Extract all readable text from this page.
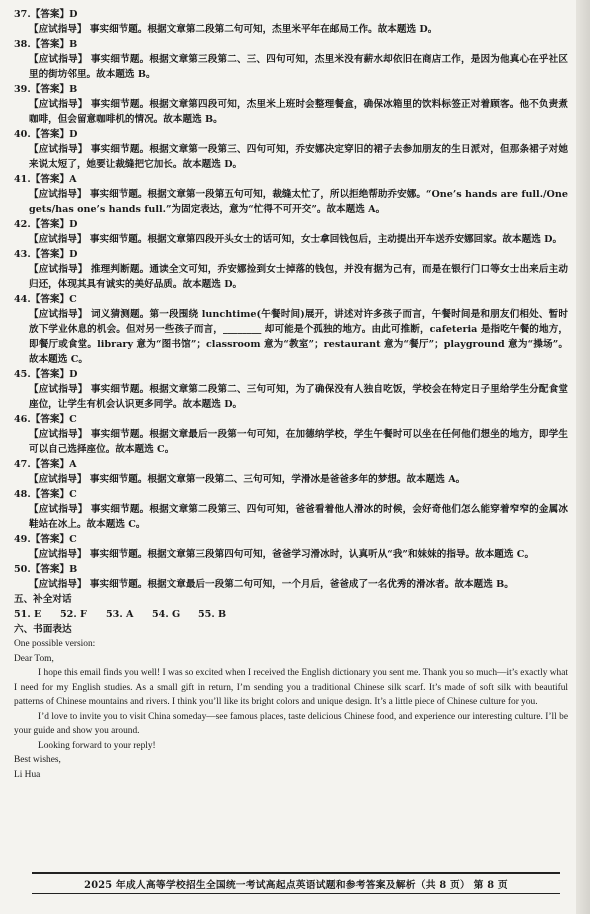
37.【答案】D

【应试指导】 事实细节题。根据文章第二段第二句可知，杰里米平年在邮局工作。故本题选 D。

38.【答案】B

【应试指导】 事实细节题。根据文章第三段第二、三、四句可知，杰里米没有薪水却依旧在商店工作，是因为他真心在乎社区里的街坊邻里。故本题选 B。

39.【答案】B

【应试指导】 事实细节题。根据文章第四段可知，杰里米上班时会整理餐盒，确保冰箱里的饮料标签正对着顾客。他不负责煮咖啡，但会留意咖啡机的情况。故本题选 B。

40.【答案】D

【应试指导】 事实细节题。根据文章第一段第三、四句可知，乔安娜决定穿旧的裙子去参加朋友的生日派对，但那条裙子对她来说太短了，她要让裁缝把它加长。故本题选 D。

41.【答案】A

【应试指导】 事实细节题。根据文章第一段第五句可知，裁缝太忙了，所以拒绝帮助乔安娜。“One’s hands are full./One gets/has one’s hands full.”为固定表达，意为“忙得不可开交”。故本题选 A。

42.【答案】D

【应试指导】 事实细节题。根据文章第四段开头女士的话可知，女士拿回钱包后，主动提出开车送乔安娜回家。故本题选 D。

43.【答案】D

【应试指导】 推理判断题。通读全文可知，乔安娜捡到女士掉落的钱包，并没有据为己有，而是在银行门口等女士出来后主动归还，体现其具有诚实的美好品质。故本题选 D。

44.【答案】C

【应试指导】 词义猜测题。第一段围绕 lunchtime(午餐时间)展开，讲述对许多孩子而言，午餐时间是和朋友们相处、暂时放下学业休息的机会。但对另一些孩子而言，________ 却可能是个孤独的地方。由此可推断，cafeteria 是指吃午餐的地方，即餐厅或食堂。library 意为“图书馆”；classroom 意为“教室”；restaurant 意为“餐厅”；playground 意为“操场”。故本题选 C。

45.【答案】D

【应试指导】 事实细节题。根据文章第二段第二、三句可知，为了确保没有人独自吃饭，学校会在特定日子里给学生分配食堂座位，让学生有机会认识更多同学。故本题选 D。

46.【答案】C

【应试指导】 事实细节题。根据文章最后一段第一句可知，在加德纳学校，学生午餐时可以坐在任何他们想坐的地方，即学生可以自己选择座位。故本题选 C。

47.【答案】A

【应试指导】 事实细节题。根据文章第一段第二、三句可知，学滑冰是爸爸多年的梦想。故本题选 A。

48.【答案】C

【应试指导】 事实细节题。根据文章第二段第三、四句可知，爸爸看着他人滑冰的时候，会好奇他们怎么能穿着窄窄的金属冰鞋站在冰上。故本题选 C。

49.【答案】C

【应试指导】 事实细节题。根据文章第三段第四句可知，爸爸学习滑冰时，认真听从“我”和妹妹的指导。故本题选 C。

50.【答案】B

【应试指导】 事实细节题。根据文章最后一段第二句可知，一个月后，爸爸成了一名优秀的滑冰者。故本题选 B。

五、补全对话

51. E	52. F	53. A	54. G	55. B

六、书面表达

One possible version:

Dear Tom,

I hope this email finds you well! I was so excited when I received the English dictionary you sent me. Thank you so much—it’s exactly what I need for my English studies. As a small gift in return, I’m sending you a traditional Chinese silk scarf. It’s made of soft silk with beautiful patterns of Chinese mountains and rivers. I think you’ll like its bright colors and unique design. It’s a little piece of Chinese culture for you.

I’d love to invite you to visit China someday—see famous places, taste delicious Chinese food, and experience our interesting culture. I’ll be your guide and show you around.

Looking forward to your reply!

Best wishes,

Li Hua

2025 年成人高等学校招生全国统一考试高起点英语试题和参考答案及解析（共 8 页） 第 8 页
